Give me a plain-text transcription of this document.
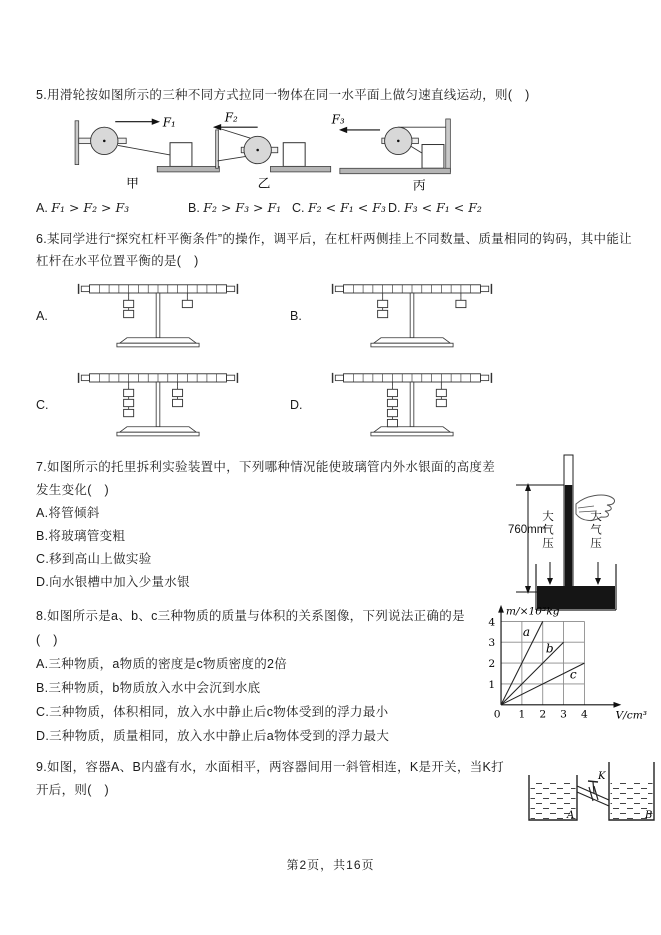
5.用滑轮按如图所示的三种不同方式拉同一物体在同一水平面上做匀速直线运动，则(　)

F₁
甲
F₂
乙
F₃
丙
A. F₁ > F₂ > F₃	B. F₂ > F₃ > F₁ C. F₂ < F₁ < F₃ D. F₃ < F₁ < F₂

6.某同学进行“探究杠杆平衡条件”的操作，调平后，在杠杆两侧挂上不同数量、质量相同的钩码，其中能让杠杆在水平位置平衡的是(　)

A.	B.
C.	D.

7.如图所示的托里拆利实验装置中，下列哪种情况能使玻璃管内外水银面的高度差发生变化(　)

A.将管倾斜

B.将玻璃管变粗

C.移到高山上做实验

D.向水银槽中加入少量水银

760mm
大气压	大气压

8.如图所示是a、b、c三种物质的质量与体积的关系图像，下列说法正确的是(　)

A.三种物质，a物质的密度是c物质密度的2倍

B.三种物质，b物质放入水中会沉到水底

C.三种物质，体积相同，放入水中静止后c物体受到的浮力最小

D.三种物质，质量相同，放入水中静止后a物体受到的浮力最大

1
2
3
4
0 1 2 3 4
m/×10³kg
V/cm³
a
b
c

9.如图，容器A、B内盛有水，水面相平，两容器间用一斜管相连，K是开关，当K打开后，则(　)

K
A	B
第2页，共16页
